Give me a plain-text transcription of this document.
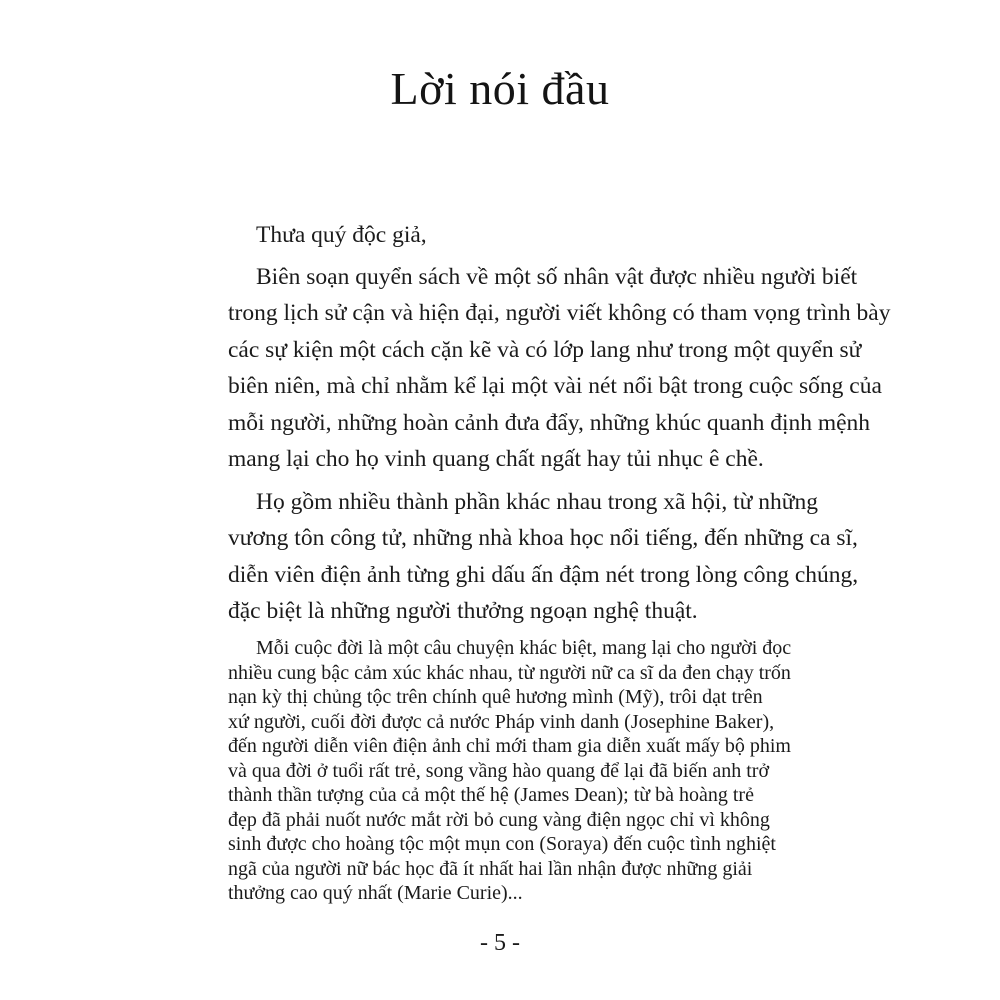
Lời nói đầu
Thưa quý độc giả,
Biên soạn quyển sách về một số nhân vật được nhiều người biết
trong lịch sử cận và hiện đại, người viết không có tham vọng trình bày
các sự kiện một cách cặn kẽ và có lớp lang như trong một quyển sử
biên niên, mà chỉ nhằm kể lại một vài nét nổi bật trong cuộc sống của
mỗi người, những hoàn cảnh đưa đẩy, những khúc quanh định mệnh
mang lại cho họ vinh quang chất ngất hay tủi nhục ê chề.
Họ gồm nhiều thành phần khác nhau trong xã hội, từ những
vương tôn công tử, những nhà khoa học nổi tiếng, đến những ca sĩ,
diễn viên điện ảnh từng ghi dấu ấn đậm nét trong lòng công chúng,
đặc biệt là những người thưởng ngoạn nghệ thuật.
Mỗi cuộc đời là một câu chuyện khác biệt, mang lại cho người đọc
nhiều cung bậc cảm xúc khác nhau, từ người nữ ca sĩ da đen chạy trốn
nạn kỳ thị chủng tộc trên chính quê hương mình (Mỹ), trôi dạt trên
xứ người, cuối đời được cả nước Pháp vinh danh (Josephine Baker),
đến người diễn viên điện ảnh chỉ mới tham gia diễn xuất mấy bộ phim
và qua đời ở tuổi rất trẻ, song vầng hào quang để lại đã biến anh trở
thành thần tượng của cả một thế hệ (James Dean); từ bà hoàng trẻ
đẹp đã phải nuốt nước mắt rời bỏ cung vàng điện ngọc chỉ vì không
sinh được cho hoàng tộc một mụn con (Soraya) đến cuộc tình nghiệt
ngã của người nữ bác học đã ít nhất hai lần nhận được những giải
thưởng cao quý nhất (Marie Curie)...
- 5 -
